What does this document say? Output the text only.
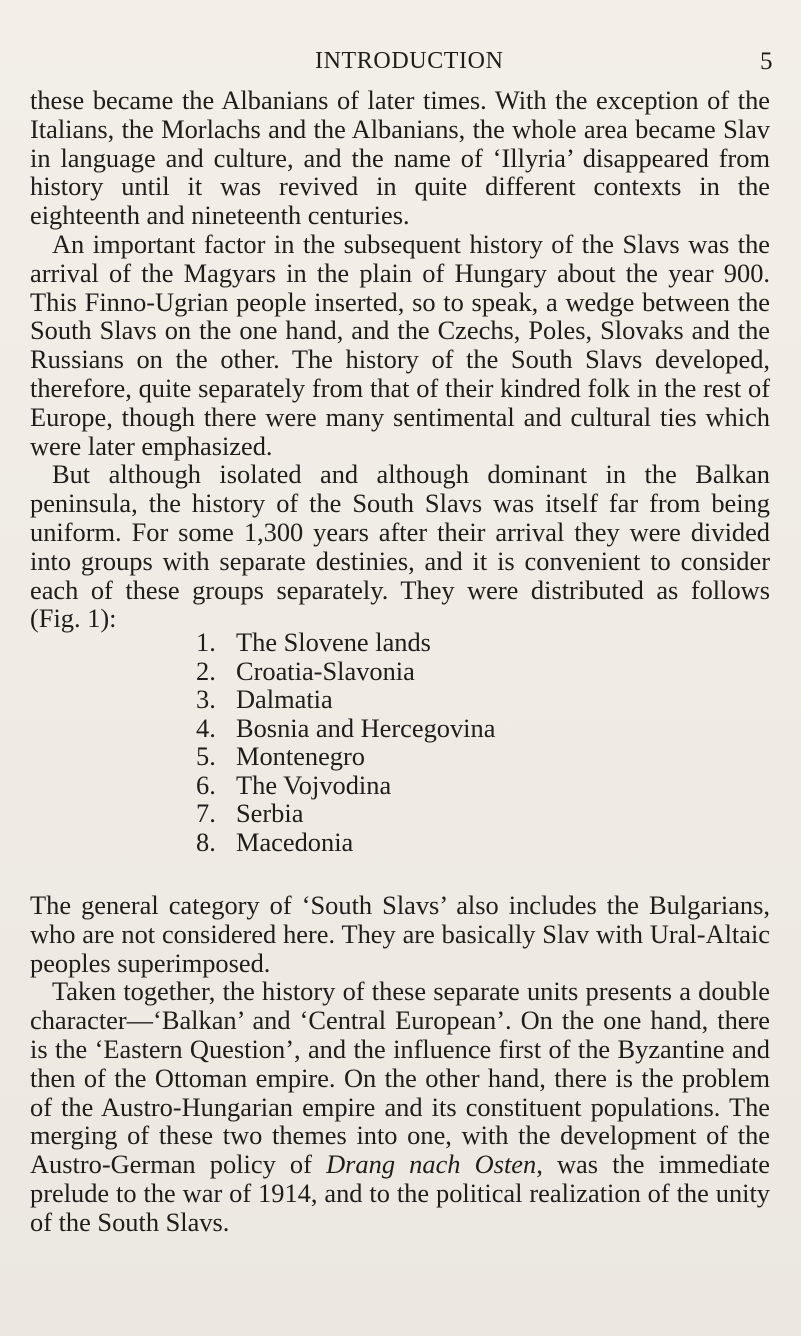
INTRODUCTION	5

these became the Albanians of later times. With the exception of the Italians, the Morlachs and the Albanians, the whole area became Slav in language and culture, and the name of ‘Illyria’ disappeared from history until it was revived in quite different contexts in the eighteenth and nineteenth centuries.

An important factor in the subsequent history of the Slavs was the arrival of the Magyars in the plain of Hungary about the year 900. This Finno-Ugrian people inserted, so to speak, a wedge between the South Slavs on the one hand, and the Czechs, Poles, Slovaks and the Russians on the other. The history of the South Slavs developed, therefore, quite separately from that of their kindred folk in the rest of Europe, though there were many sentimental and cultural ties which were later emphasized.

But although isolated and although dominant in the Balkan peninsula, the history of the South Slavs was itself far from being uniform. For some 1,300 years after their arrival they were divided into groups with separate destinies, and it is convenient to consider each of these groups separately. They were distributed as follows (Fig. 1):

1. The Slovene lands
2. Croatia-Slavonia
3. Dalmatia
4. Bosnia and Hercegovina
5. Montenegro
6. The Vojvodina
7. Serbia
8. Macedonia

The general category of ‘South Slavs’ also includes the Bulgarians, who are not considered here. They are basically Slav with Ural-Altaic peoples superimposed.

Taken together, the history of these separate units presents a double character—‘Balkan’ and ‘Central European’. On the one hand, there is the ‘Eastern Question’, and the influence first of the Byzantine and then of the Ottoman empire. On the other hand, there is the problem of the Austro-Hungarian empire and its constituent populations. The merging of these two themes into one, with the development of the Austro-German policy of Drang nach Osten, was the immediate prelude to the war of 1914, and to the political realization of the unity of the South Slavs.
